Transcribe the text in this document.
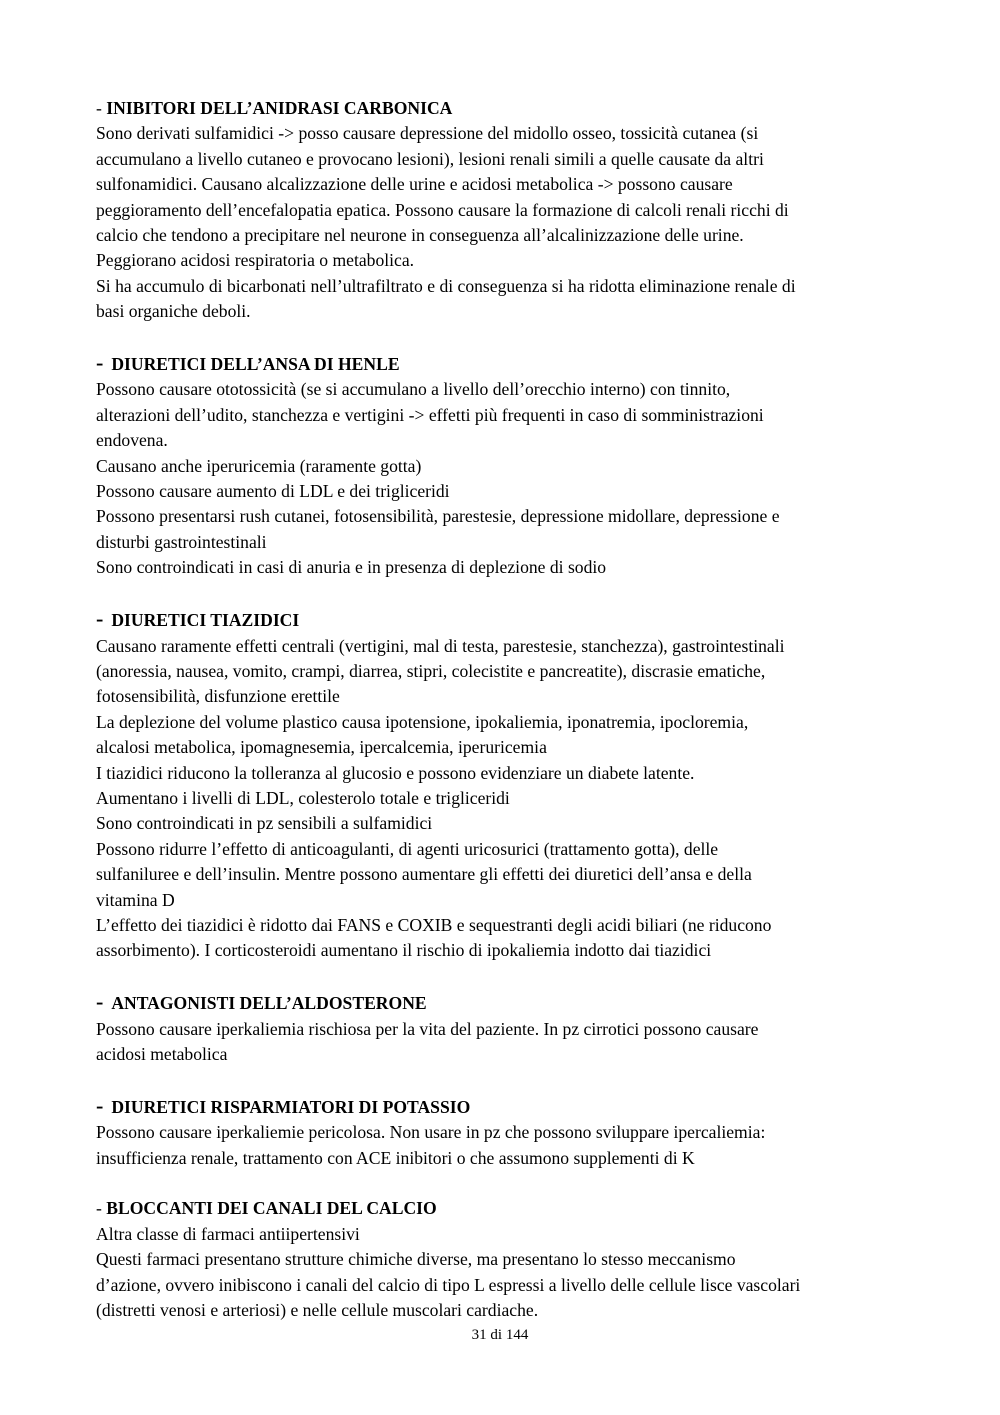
- INIBITORI DELL’ANIDRASI CARBONICA
Sono derivati sulfamidici -> posso causare depressione del midollo osseo, tossicità cutanea (si
accumulano a livello cutaneo e provocano lesioni), lesioni renali simili a quelle causate da altri
sulfonamidici. Causano alcalizzazione delle urine e acidosi metabolica -> possono causare
peggioramento dell’encefalopatia epatica. Possono causare la formazione di calcoli renali ricchi di
calcio che tendono a precipitare nel neurone in conseguenza all’alcalinizzazione delle urine.
Peggiorano acidosi respiratoria o metabolica.
Si ha accumulo di bicarbonati nell’ultrafiltrato e di conseguenza si ha ridotta eliminazione renale di
basi organiche deboli.
- DIURETICI DELL’ANSA DI HENLE
Possono causare ototossicità (se si accumulano a livello dell’orecchio interno) con tinnito,
alterazioni dell’udito, stanchezza e vertigini -> effetti più frequenti in caso di somministrazioni
endovena.
Causano anche iperuricemia (raramente gotta)
Possono causare aumento di LDL e dei trigliceridi
Possono presentarsi rush cutanei, fotosensibilità, parestesie, depressione midollare, depressione e
disturbi gastrointestinali
Sono controindicati in casi di anuria e in presenza di deplezione di sodio
- DIURETICI TIAZIDICI
Causano raramente effetti centrali (vertigini, mal di testa, parestesie, stanchezza), gastrointestinali
(anoressia, nausea, vomito, crampi, diarrea, stipri, colecistite e pancreatite), discrasie ematiche,
fotosensibilità, disfunzione erettile
La deplezione del volume plastico causa ipotensione, ipokaliemia, iponatremia, ipocloremia,
alcalosi metabolica, ipomagnesemia, ipercalcemia, iperuricemia
I tiazidici riducono la tolleranza al glucosio e possono evidenziare un diabete latente.
Aumentano i livelli di LDL, colesterolo totale e trigliceridi
Sono controindicati in pz sensibili a sulfamidici
Possono ridurre l’effetto di anticoagulanti, di agenti uricosurici (trattamento gotta), delle
sulfaniluree e dell’insulin. Mentre possono aumentare gli effetti dei diuretici dell’ansa e della
vitamina D
L’effetto dei tiazidici è ridotto dai FANS e COXIB e sequestranti degli acidi biliari (ne riducono
assorbimento). I corticosteroidi aumentano il rischio di ipokaliemia indotto dai tiazidici
- ANTAGONISTI DELL’ALDOSTERONE
Possono causare iperkaliemia rischiosa per la vita del paziente. In pz cirrotici possono causare
acidosi metabolica
- DIURETICI RISPARMIATORI DI POTASSIO
Possono causare iperkaliemie pericolosa. Non usare in pz che possono sviluppare ipercaliemia:
insufficienza renale, trattamento con ACE inibitori o che assumono supplementi di K
- BLOCCANTI DEI CANALI DEL CALCIO
Altra classe di farmaci antiipertensivi
Questi farmaci presentano strutture chimiche diverse, ma presentano lo stesso meccanismo
d’azione, ovvero inibiscono i canali del calcio di tipo L espressi a livello delle cellule lisce vascolari
(distretti venosi e arteriosi) e nelle cellule muscolari cardiache.
31 di 144
